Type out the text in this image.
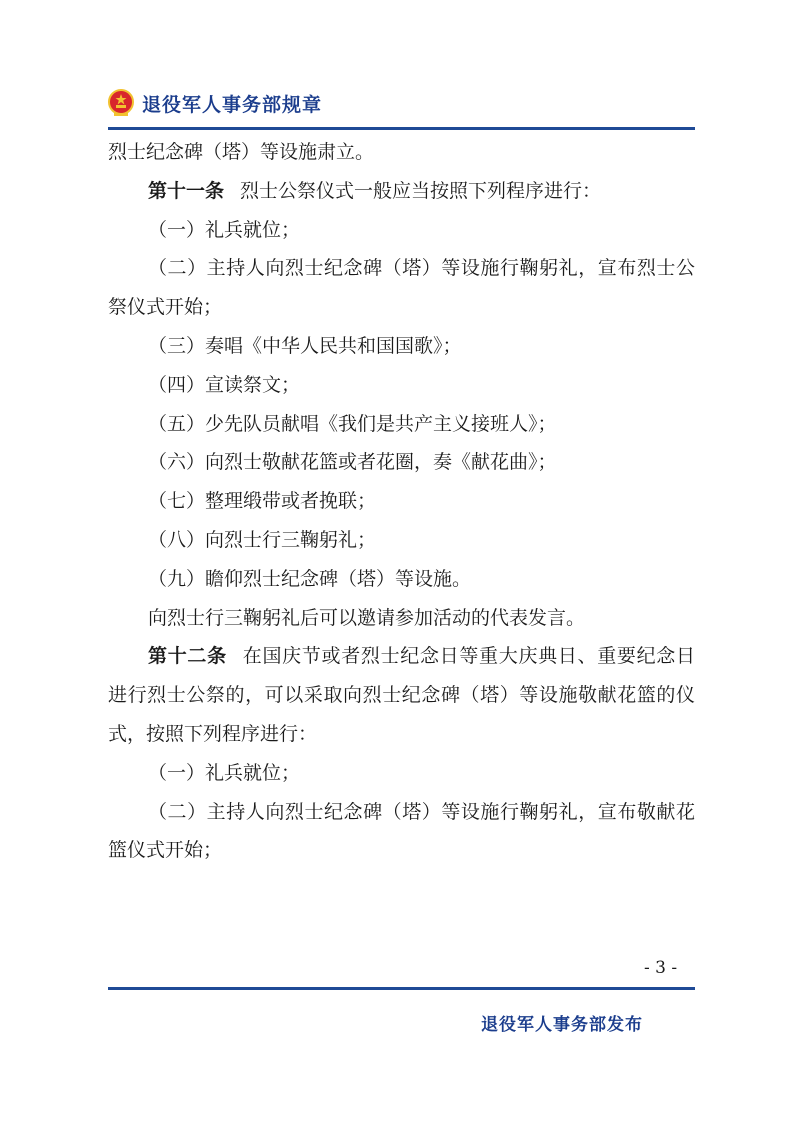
退役军人事务部规章

烈士纪念碑（塔）等设施肃立。

第十一条 烈士公祭仪式一般应当按照下列程序进行：

（一）礼兵就位；

（二）主持人向烈士纪念碑（塔）等设施行鞠躬礼，宣布烈士公祭仪式开始；

（三）奏唱《中华人民共和国国歌》；

（四）宣读祭文；

（五）少先队员献唱《我们是共产主义接班人》；

（六）向烈士敬献花篮或者花圈，奏《献花曲》；

（七）整理缎带或者挽联；

（八）向烈士行三鞠躬礼；

（九）瞻仰烈士纪念碑（塔）等设施。

向烈士行三鞠躬礼后可以邀请参加活动的代表发言。

第十二条 在国庆节或者烈士纪念日等重大庆典日、重要纪念日进行烈士公祭的，可以采取向烈士纪念碑（塔）等设施敬献花篮的仪式，按照下列程序进行：

（一）礼兵就位；

（二）主持人向烈士纪念碑（塔）等设施行鞠躬礼，宣布敬献花篮仪式开始；

- 3 -
退役军人事务部发布
